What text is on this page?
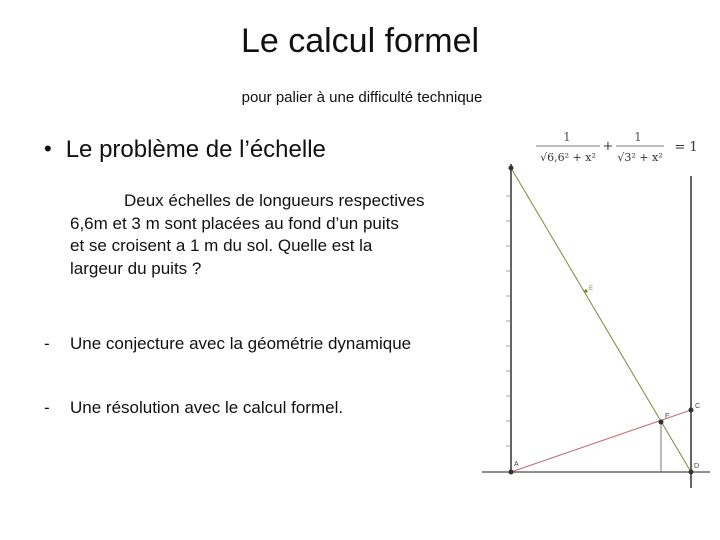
Le calcul formel
pour palier à une difficulté technique
• Le problème de l’échelle
Deux échelles de longueurs respectives
6,6m et 3 m sont placées au fond d’un puits
et se croisent a 1 m du sol. Quelle est la
largeur du puits ?
- Une conjecture avec la géométrie dynamique
- Une résolution avec le calcul formel.
1
√6,6² + x²
+
1
√3² + x²
= 1
F
C
A	D
E
